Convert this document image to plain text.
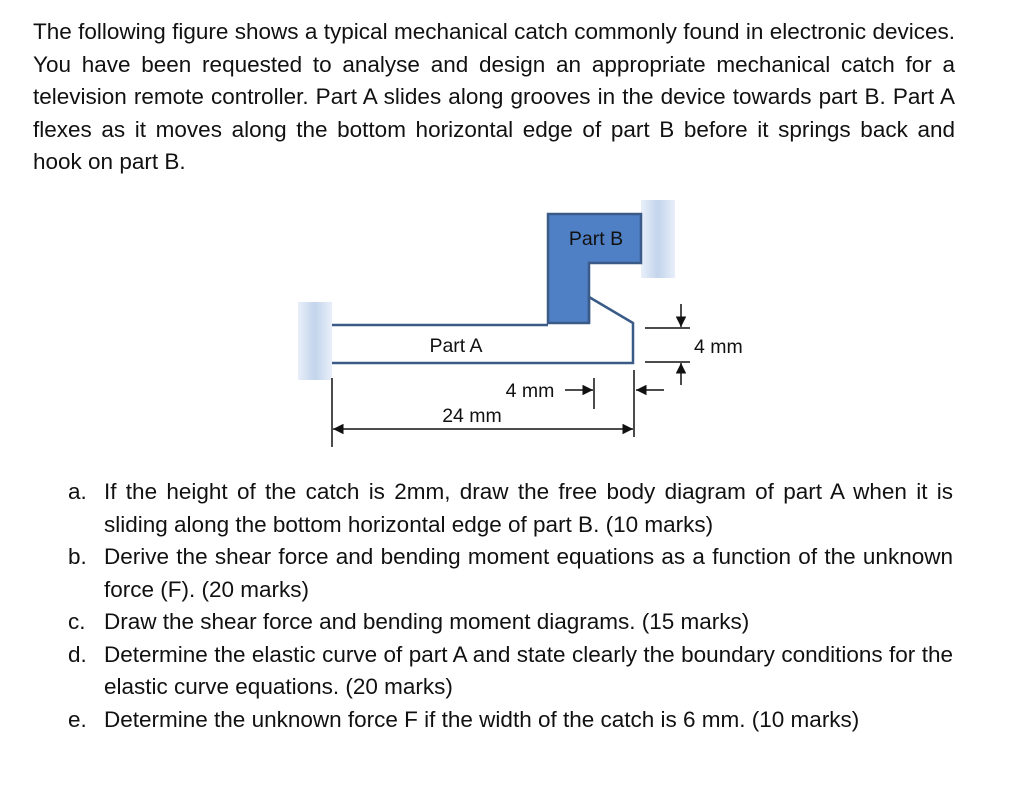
The following figure shows a typical mechanical catch commonly found in electronic devices. You have been requested to analyse and design an appropriate mechanical catch for a television remote controller. Part A slides along grooves in the device towards part B. Part A flexes as it moves along the bottom horizontal edge of part B before it springs back and hook on part B.

Part B
Part A	4 mm
4 mm
24 mm
a. If the height of the catch is 2mm, draw the free body diagram of part A when it is sliding along the bottom horizontal edge of part B. (10 marks)
b. Derive the shear force and bending moment equations as a function of the unknown force (F). (20 marks)
c. Draw the shear force and bending moment diagrams. (15 marks)
d. Determine the elastic curve of part A and state clearly the boundary conditions for the elastic curve equations. (20 marks)
e. Determine the unknown force F if the width of the catch is 6 mm. (10 marks)
